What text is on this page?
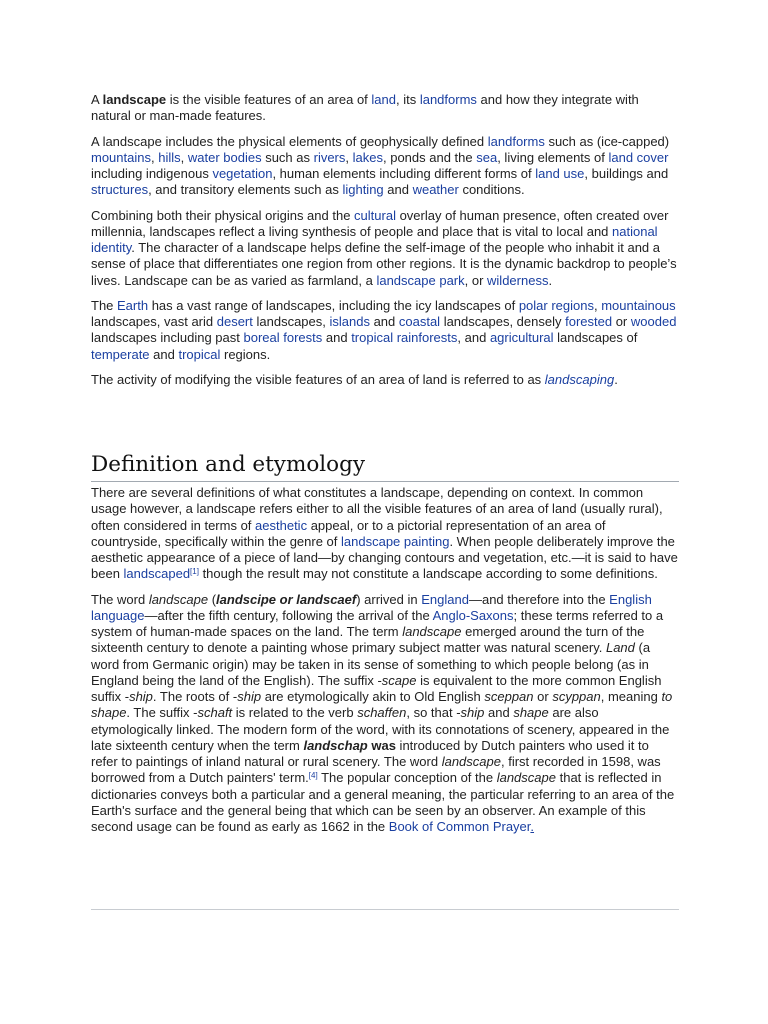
A landscape is the visible features of an area of land, its landforms and how they integrate with natural or man-made features.

A landscape includes the physical elements of geophysically defined landforms such as (ice-capped) mountains, hills, water bodies such as rivers, lakes, ponds and the sea, living elements of land cover including indigenous vegetation, human elements including different forms of land use, buildings and structures, and transitory elements such as lighting and weather conditions.

Combining both their physical origins and the cultural overlay of human presence, often created over millennia, landscapes reflect a living synthesis of people and place that is vital to local and national identity. The character of a landscape helps define the self-image of the people who inhabit it and a sense of place that differentiates one region from other regions. It is the dynamic backdrop to people’s lives. Landscape can be as varied as farmland, a landscape park, or wilderness.

The Earth has a vast range of landscapes, including the icy landscapes of polar regions, mountainous landscapes, vast arid desert landscapes, islands and coastal landscapes, densely forested or wooded landscapes including past boreal forests and tropical rainforests, and agricultural landscapes of temperate and tropical regions.

The activity of modifying the visible features of an area of land is referred to as landscaping.

Definition and etymology

There are several definitions of what constitutes a landscape, depending on context. In common usage however, a landscape refers either to all the visible features of an area of land (usually rural), often considered in terms of aesthetic appeal, or to a pictorial representation of an area of countryside, specifically within the genre of landscape painting. When people deliberately improve the aesthetic appearance of a piece of land—by changing contours and vegetation, etc.—it is said to have been landscaped[1] though the result may not constitute a landscape according to some definitions.

The word landscape (landscipe or landscaef) arrived in England—and therefore into the English language—after the fifth century, following the arrival of the Anglo-Saxons; these terms referred to a system of human-made spaces on the land. The term landscape emerged around the turn of the sixteenth century to denote a painting whose primary subject matter was natural scenery. Land (a word from Germanic origin) may be taken in its sense of something to which people belong (as in England being the land of the English). The suffix -scape is equivalent to the more common English suffix -ship. The roots of -ship are etymologically akin to Old English sceppan or scyppan, meaning to shape. The suffix -schaft is related to the verb schaffen, so that -ship and shape are also etymologically linked. The modern form of the word, with its connotations of scenery, appeared in the late sixteenth century when the term landschap was introduced by Dutch painters who used it to refer to paintings of inland natural or rural scenery. The word landscape, first recorded in 1598, was borrowed from a Dutch painters' term.[4] The popular conception of the landscape that is reflected in dictionaries conveys both a particular and a general meaning, the particular referring to an area of the Earth's surface and the general being that which can be seen by an observer. An example of this second usage can be found as early as 1662 in the Book of Common Prayer.
